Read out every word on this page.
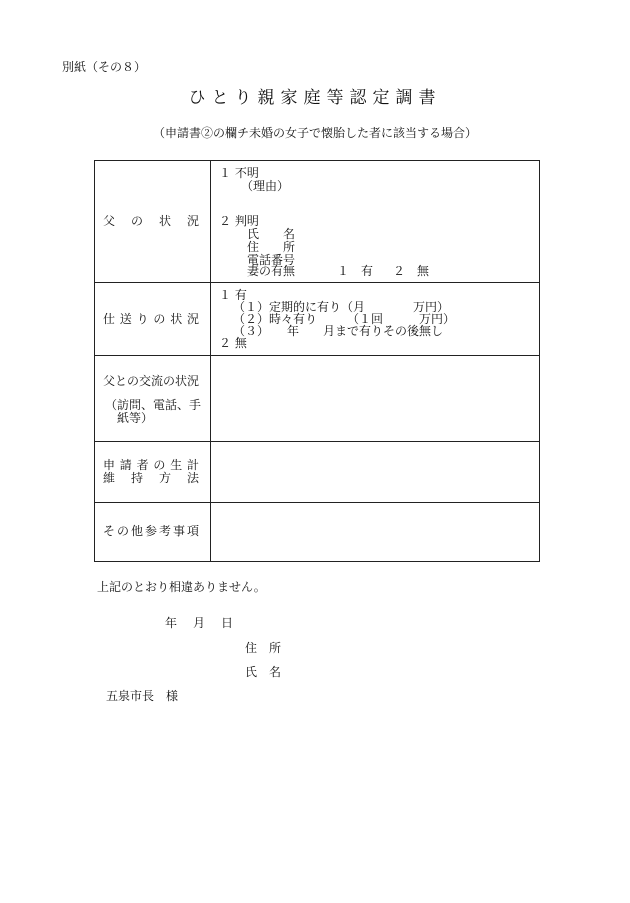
別紙（その８）
ひとり親家庭等認定調書
（申請書②の欄チ未婚の女子で懐胎した者に該当する場合）
父 の 状 況
１ 不明
（理由）
２ 判明
氏　　名
住　　所
電話番号
妻の有無	１　有 ２　無
仕 送 り の 状 況
１ 有
（１）定期的に有り（月　　　　万円）
（２）時々有り　　　（１回　　　万円）
（３）　　年　　月まで有りその後無し
２ 無
父との交流の状況
（訪問、電話、手
紙等）
申 請 者 の 生 計
維 持 方 法
その他参考事項
上記のとおり相違ありません。
年 月 日
住　所
氏　名
五泉市長　様
